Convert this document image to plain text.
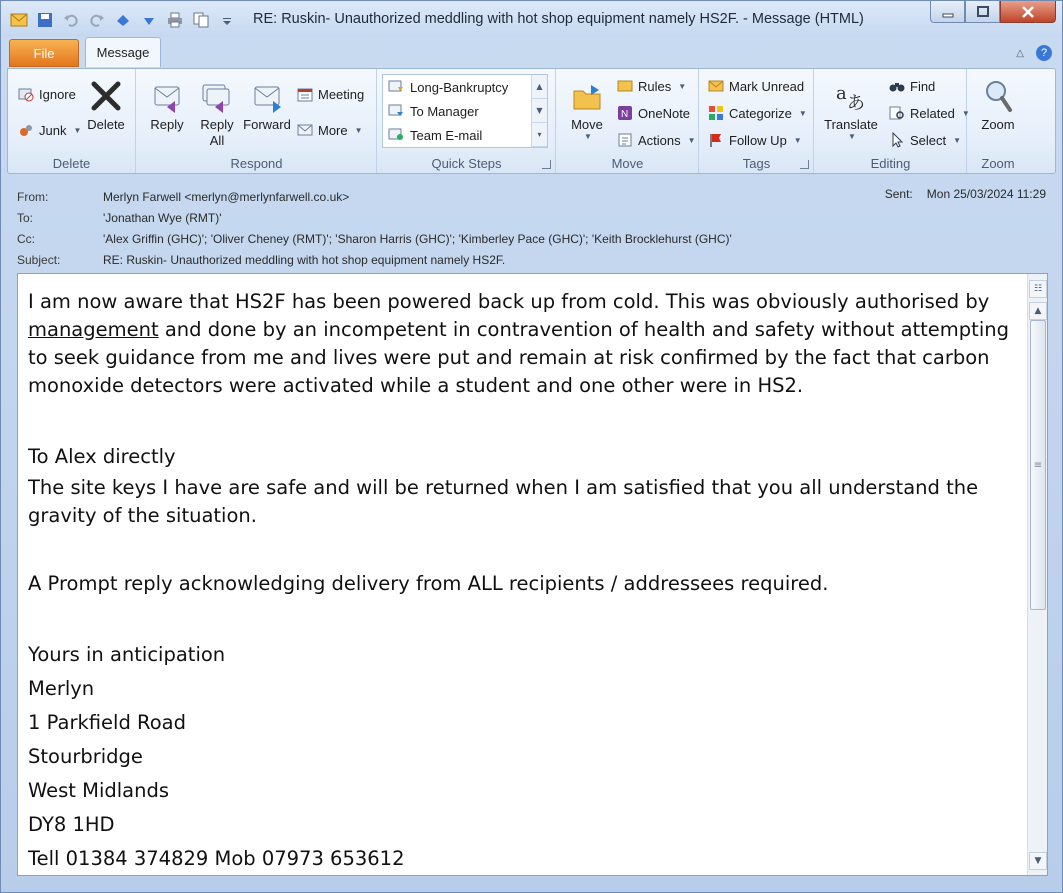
RE: Ruskin- Unauthorized meddling with hot shop equipment namely HS2F. - Message (HTML)
File	Message	△	?
Ignore
Junk ▼ Delete
Delete
Reply	Reply All
Forward
Meeting
More ▼
Respond
Long-Bankruptcy
To Manager
Team E-mail
▲
▼
▾
Quick Steps
Move
▼
Rules ▼
N OneNote
Actions ▼
Move
Mark Unread
Categorize ▼
Follow Up ▼
Tags
a あ
Translate
▼
Find
Related ▼
Select ▼
Editing
Zoom
Zoom
From:	Merlyn Farwell <merlyn@merlynfarwell.co.uk>	Sent: Mon 25/03/2024 11:29
To:	'Jonathan Wye (RMT)'
Cc:	'Alex Griffin (GHC)'; 'Oliver Cheney (RMT)'; 'Sharon Harris (GHC)'; 'Kimberley Pace (GHC)'; 'Keith Brocklehurst (GHC)'
Subject:	RE: Ruskin- Unauthorized meddling with hot shop equipment namely HS2F.

I am now aware that HS2F has been powered back up from cold. This was obviously authorised by management and done by an incompetent in contravention of health and safety without attempting to seek guidance from me and lives were put and remain at risk confirmed by the fact that carbon monoxide detectors were activated while a student and one other were in HS2.

To Alex directly

The site keys I have are safe and will be returned when I am satisfied that you all understand the gravity of the situation.

A Prompt reply acknowledging delivery from ALL recipients / addressees required.

Yours in anticipation

Merlyn

1 Parkfield Road

Stourbridge

West Midlands

DY8 1HD

Tell 01384 374829 Mob 07973 653612

☷
▲
≡
▼
